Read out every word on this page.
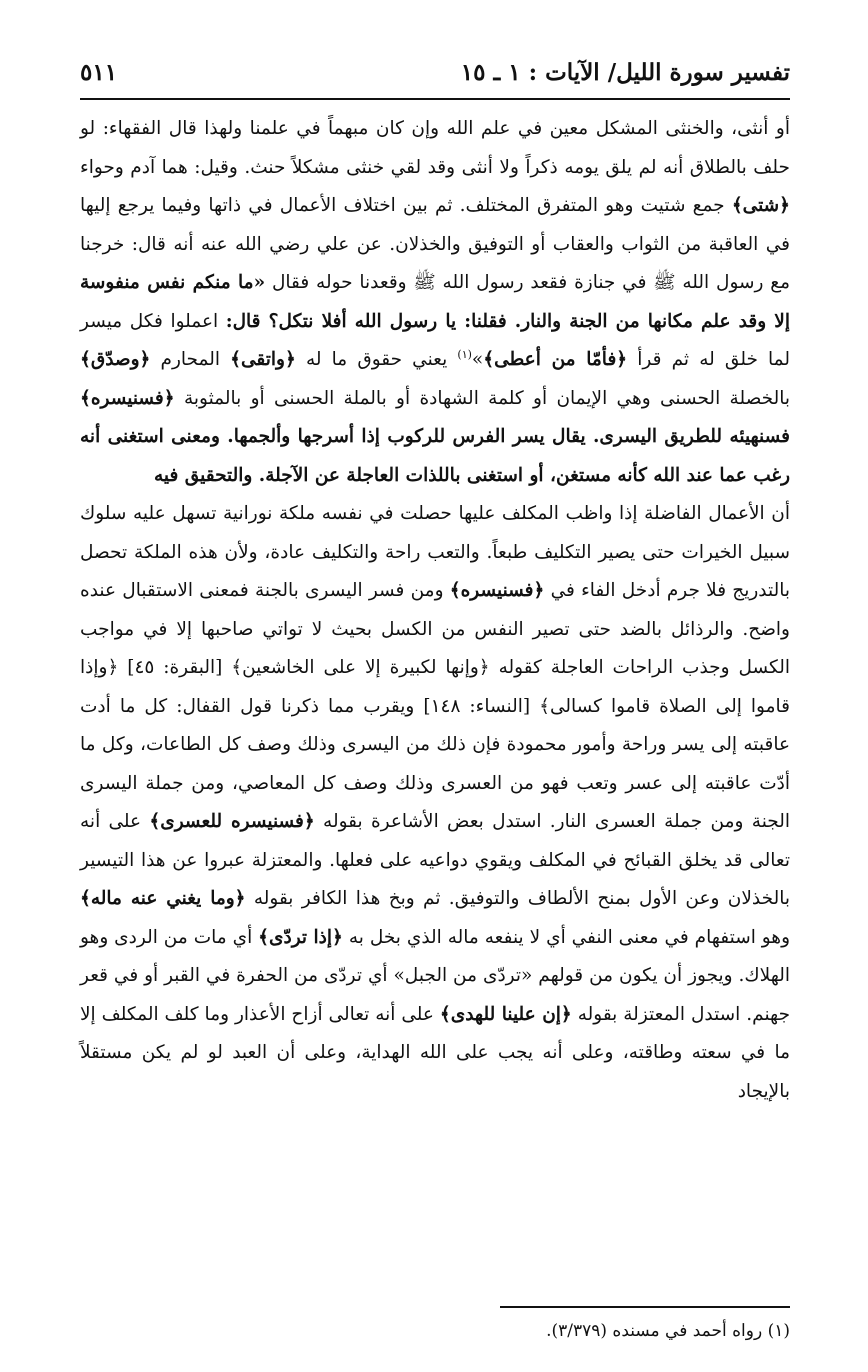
تفسير سورة الليل/ الآيات : ١ ـ ١٥
٥١١

أو أنثى، والخنثى المشكل معين في علم الله وإن كان مبهماً في علمنا ولهذا قال الفقهاء: لو حلف بالطلاق أنه لم يلق يومه ذكراً ولا أنثى وقد لقي خنثى مشكلاً حنث. وقيل: هما آدم وحواء ﴿شتى﴾ جمع شتيت وهو المتفرق المختلف. ثم بين اختلاف الأعمال في ذاتها وفيما يرجع إليها في العاقبة من الثواب والعقاب أو التوفيق والخذلان. عن علي رضي الله عنه أنه قال: خرجنا مع رسول الله ﷺ في جنازة فقعد رسول الله ﷺ وقعدنا حوله فقال «ما منكم نفس منفوسة إلا وقد علم مكانها من الجنة والنار. فقلنا: يا رسول الله أفلا نتكل؟ قال: اعملوا فكل ميسر لما خلق له ثم قرأ ﴿فأمّا من أعطى﴾»$^{(١)}$ يعني حقوق ما له ﴿واتقى﴾ المحارم ﴿وصدّق﴾ بالخصلة الحسنى وهي الإيمان أو كلمة الشهادة أو بالملة الحسنى أو بالمثوبة ﴿فسنيسره﴾ فسنهيئه للطريق اليسرى. يقال يسر الفرس للركوب إذا أسرجها وألجمها. ومعنى استغنى أنه رغب عما عند الله كأنه مستغن، أو استغنى باللذات العاجلة عن الآجلة. والتحقيق فيه

أن الأعمال الفاضلة إذا واظب المكلف عليها حصلت في نفسه ملكة نورانية تسهل عليه سلوك سبيل الخيرات حتى يصير التكليف طبعاً. والتعب راحة والتكليف عادة، ولأن هذه الملكة تحصل بالتدريج فلا جرم أدخل الفاء في ﴿فسنيسره﴾ ومن فسر اليسرى بالجنة فمعنى الاستقبال عنده واضح. والرذائل بالضد حتى تصير النفس من الكسل بحيث لا تواتي صاحبها إلا في مواجب الكسل وجذب الراحات العاجلة كقوله ﴿وإنها لكبيرة إلا على الخاشعين﴾ [البقرة: ٤٥] ﴿وإذا قاموا إلى الصلاة قاموا كسالى﴾ [النساء: ١٤٨] ويقرب مما ذكرنا قول القفال: كل ما أدت عاقبته إلى يسر وراحة وأمور محمودة فإن ذلك من اليسرى وذلك وصف كل الطاعات، وكل ما أدّت عاقبته إلى عسر وتعب فهو من العسرى وذلك وصف كل المعاصي، ومن جملة اليسرى الجنة ومن جملة العسرى النار. استدل بعض الأشاعرة بقوله ﴿فسنيسره للعسرى﴾ على أنه تعالى قد يخلق القبائح في المكلف ويقوي دواعيه على فعلها. والمعتزلة عبروا عن هذا التيسير بالخذلان وعن الأول بمنح الألطاف والتوفيق. ثم وبخ هذا الكافر بقوله ﴿وما يغني عنه ماله﴾ وهو استفهام في معنى النفي أي لا ينفعه ماله الذي بخل به ﴿إذا تردّى﴾ أي مات من الردى وهو الهلاك. ويجوز أن يكون من قولهم «تردّى من الجبل» أي تردّى من الحفرة في القبر أو في قعر جهنم. استدل المعتزلة بقوله ﴿إن علينا للهدى﴾ على أنه تعالى أزاح الأعذار وما كلف المكلف إلا ما في سعته وطاقته، وعلى أنه يجب على الله الهداية، وعلى أن العبد لو لم يكن مستقلاً بالإيجاد

(١) رواه أحمد في مسنده (٣/٣٧٩).
